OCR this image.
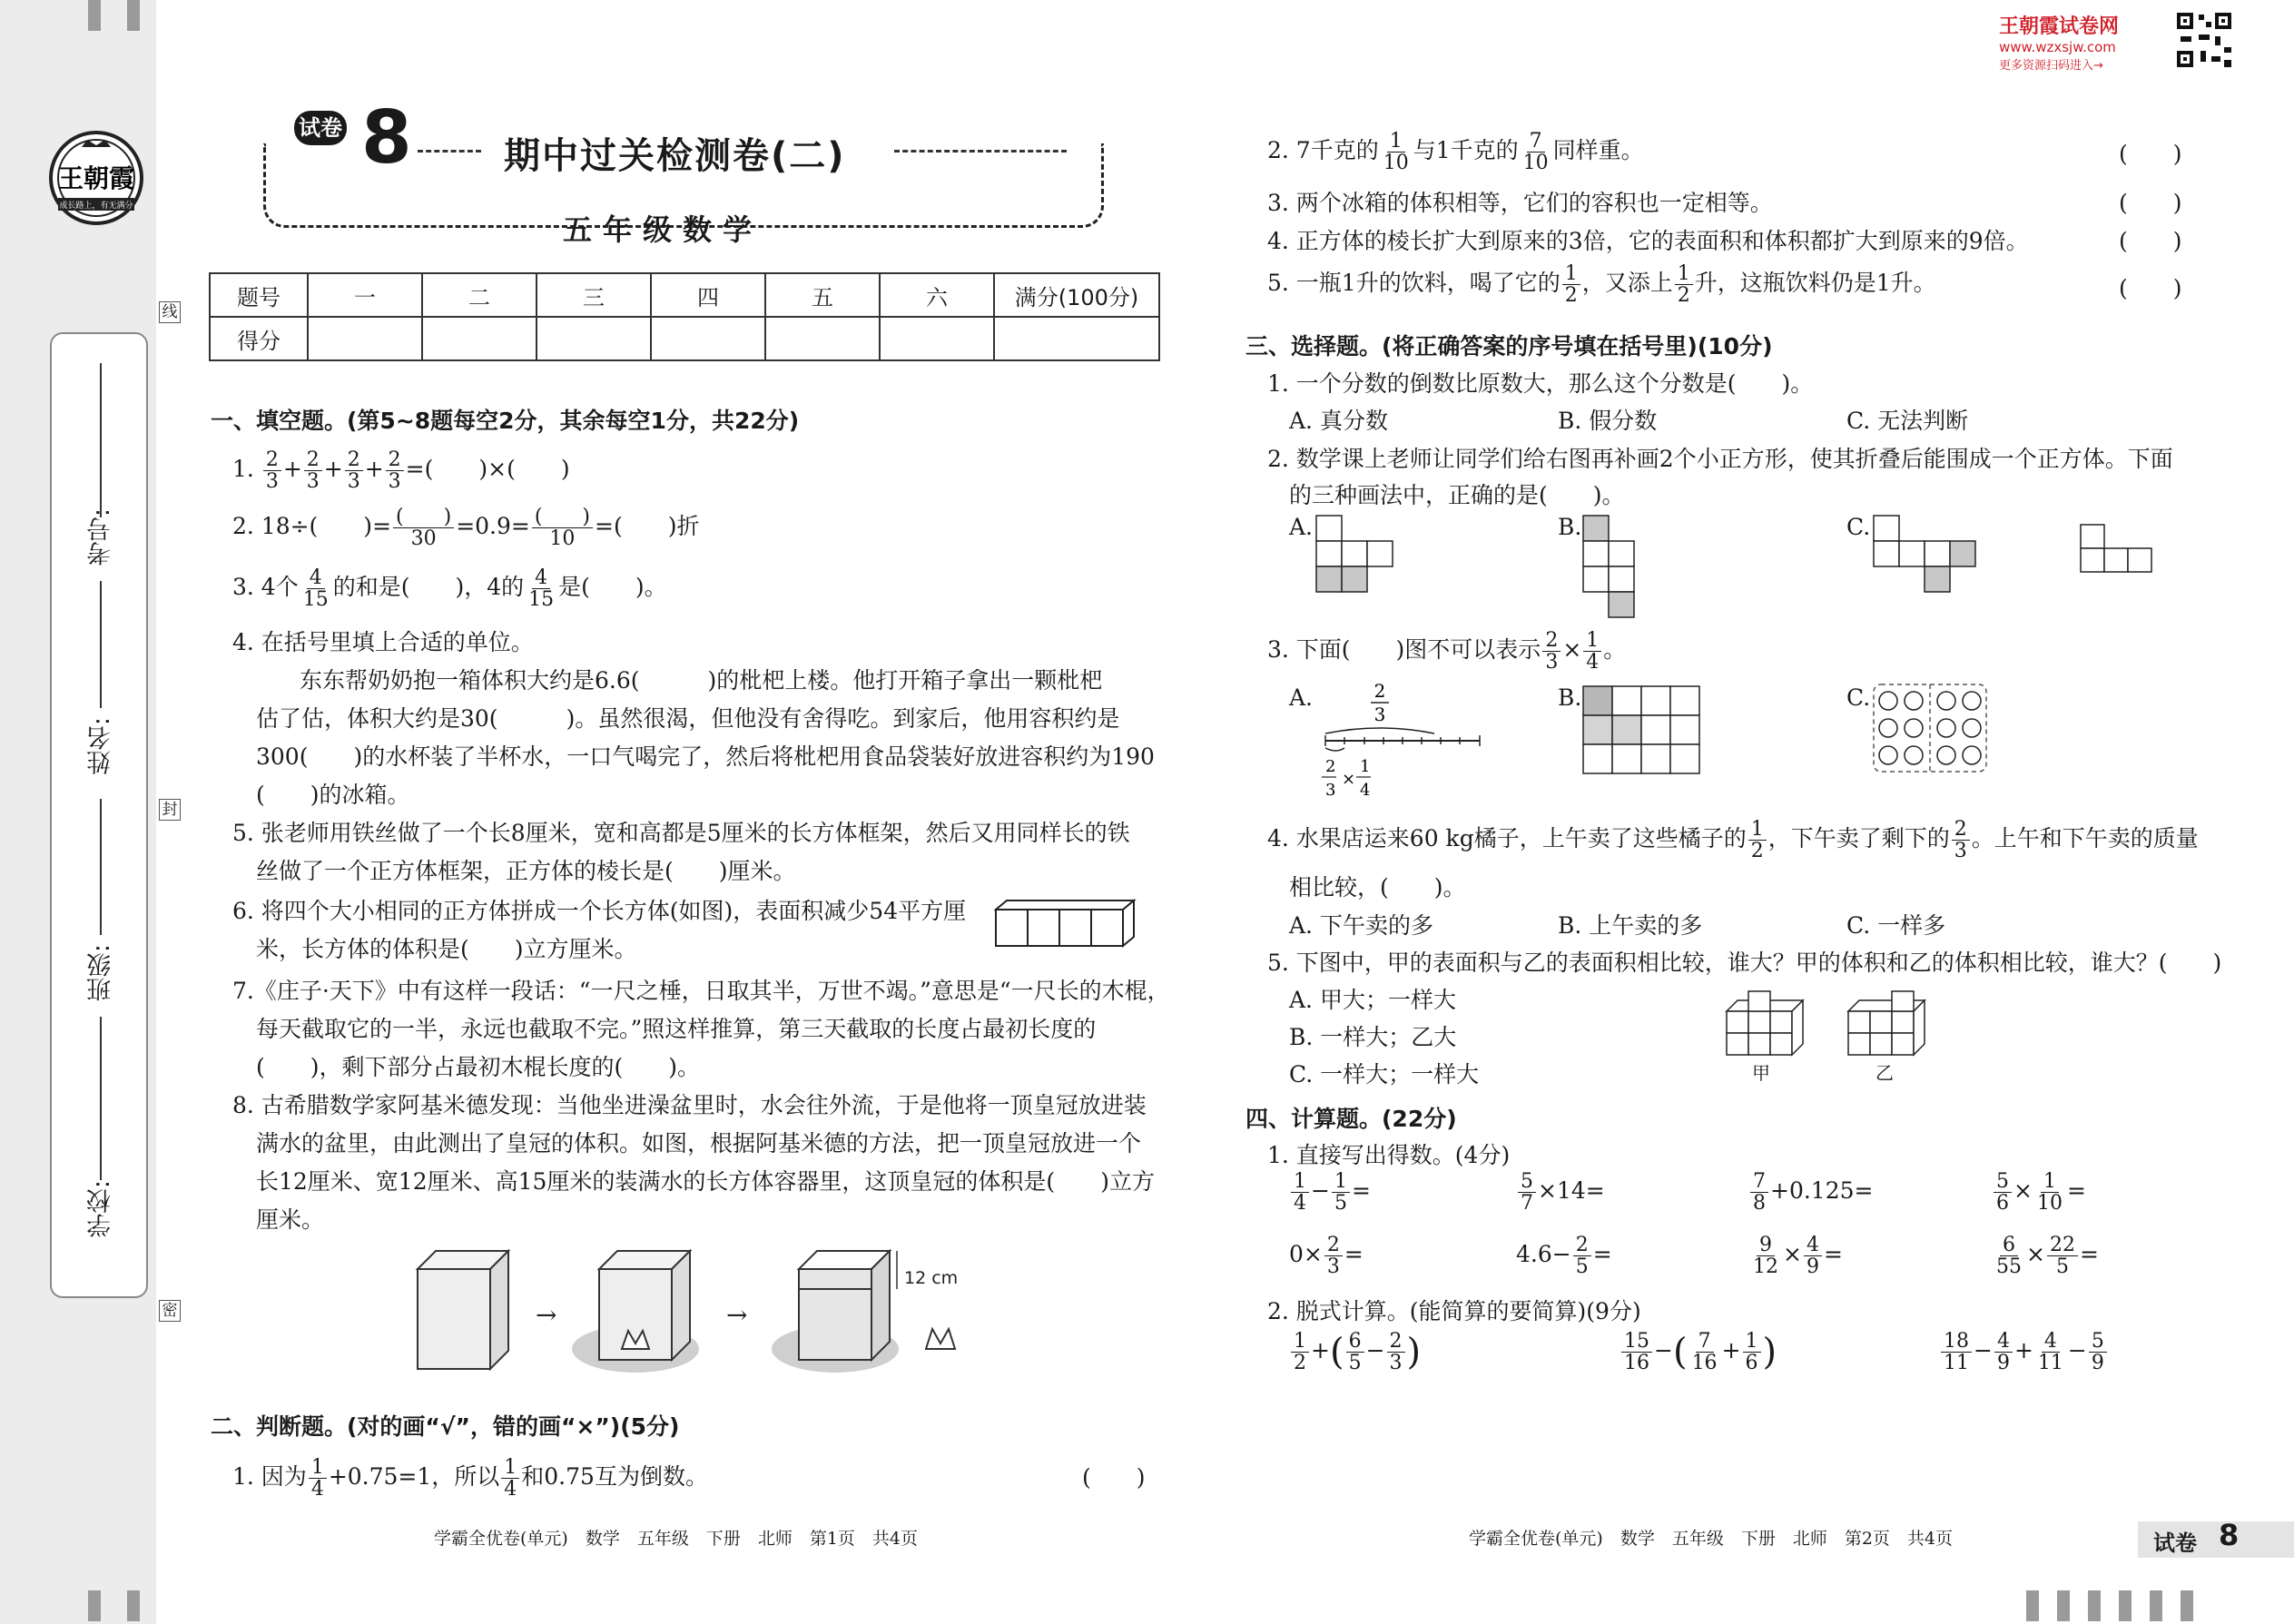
王朝霞
成长路上，有无满分
考号:
姓名:
班级:
学校:
线
封
密
试卷 8	期中过关检测卷(二)
五年级数学
题号	一	二	三	四	五	六	满分(100分)
得分							
一、填空题。(第5~8题每空2分，其余每空1分，共22分)
1. $\frac{2}{3} + \frac{2}{3} + \frac{2}{3} + \frac{2}{3}$ =(　　)×(　　)
2. 18÷(　　)= $\frac{( )}{30} =0.9= \frac{( )}{10}$ =(　　)折
3. 4个 $\frac{4}{15}$ 的和是(　　)，4的 $\frac{4}{15}$ 是(　　)。
4. 在括号里填上合适的单位。
东东帮奶奶抱一箱体积大约是6.6(　　　)的枇杷上楼。他打开箱子拿出一颗枇杷
估了估，体积大约是30(　　　)。虽然很渴，但他没有舍得吃。到家后，他用容积约是
300(　　)的水杯装了半杯水，一口气喝完了，然后将枇杷用食品袋装好放进容积约为190
(　　)的冰箱。
5. 张老师用铁丝做了一个长8厘米，宽和高都是5厘米的长方体框架，然后又用同样长的铁
丝做了一个正方体框架，正方体的棱长是(　　)厘米。
6. 将四个大小相同的正方体拼成一个长方体(如图)，表面积减少54平方厘
米，长方体的体积是(　　)立方厘米。
7.《庄子·天下》中有这样一段话：“一尺之棰，日取其半，万世不竭。”意思是“一尺长的木棍，
每天截取它的一半，永远也截取不完。”照这样推算，第三天截取的长度占最初长度的
(　　)，剩下部分占最初木棍长度的(　　)。
8. 古希腊数学家阿基米德发现：当他坐进澡盆里时，水会往外流，于是他将一顶皇冠放进装
满水的盆里，由此测出了皇冠的体积。如图，根据阿基米德的方法，把一顶皇冠放进一个
长12厘米、宽12厘米、高15厘米的装满水的长方体容器里，这顶皇冠的体积是(　　)立方
厘米。
→	→
12 cm
二、判断题。(对的画“√”，错的画“×”)(5分)
1. 因为 $\frac{1}{4} +0.75=1$，所以 $\frac{1}{4}$ 和0.75互为倒数。	(　　)
学霸全优卷(单元)　数学　五年级　下册　北师　第1页　共4页
王朝霞试卷网
www.wzxsjw.com
更多资源扫码进入→
2. 7千克的 $\frac{1}{10}$ 与1千克的 $\frac{7}{10}$ 同样重。	(　　)
3. 两个冰箱的体积相等，它们的容积也一定相等。	(　　)
4. 正方体的棱长扩大到原来的3倍，它的表面积和体积都扩大到原来的9倍。	(　　)
5. 一瓶1升的饮料，喝了它的 $\frac{1}{2}$ ，又添上 $\frac{1}{2}$ 升，这瓶饮料仍是1升。	(　　)
三、选择题。(将正确答案的序号填在括号里)(10分)
1. 一个分数的倒数比原数大，那么这个分数是(　　)。
A. 真分数	B. 假分数	C. 无法判断
2. 数学课上老师让同学们给右图再补画2个小正方形，使其折叠后能围成一个正方体。下面
的三种画法中，正确的是(　　)。
A.	B.	C.
3. 下面(　　)图不可以表示 $\frac{2}{3} \times \frac{1}{4}$ 。
A.	2
3
2
3
×
1
4
B.	C.
4. 水果店运来60 kg橘子，上午卖了这些橘子的 $\frac{1}{2}$ ，下午卖了剩下的 $\frac{2}{3}$ 。上午和下午卖的质量
相比较，(　　)。
A. 下午卖的多	B. 上午卖的多	C. 一样多
5. 下图中，甲的表面积与乙的表面积相比较，谁大？甲的体积和乙的体积相比较，谁大？(　　)
A. 甲大；一样大
B. 一样大；乙大
C. 一样大；一样大	甲	乙
四、计算题。(22分)
1. 直接写出得数。(4分)
$\frac{1}{4} - \frac{1}{5}$ =	$\frac{5}{7} \times 14=$	$\frac{7}{8} +0.125=$	$\frac{5}{6} \times \frac{1}{10}$ =
$0\times \frac{2}{3}$ =	$4.6- \frac{2}{5}$ =	$\frac{9}{12} \times \frac{4}{9}$ =	$\frac{6}{55} \times \frac{22}{5}$ =
2. 脱式计算。(能简算的要简算)(9分)
$\frac{1}{2}$ +( $\frac{6}{5} - \frac{2}{3}$ )	$\frac{15}{16}$ −( $\frac{7}{16} + \frac{1}{6}$ )	$\frac{18}{11} - \frac{4}{9} + \frac{4}{11} - \frac{5}{9}$
学霸全优卷(单元)　数学　五年级　下册　北师　第2页　共4页	试卷 8
